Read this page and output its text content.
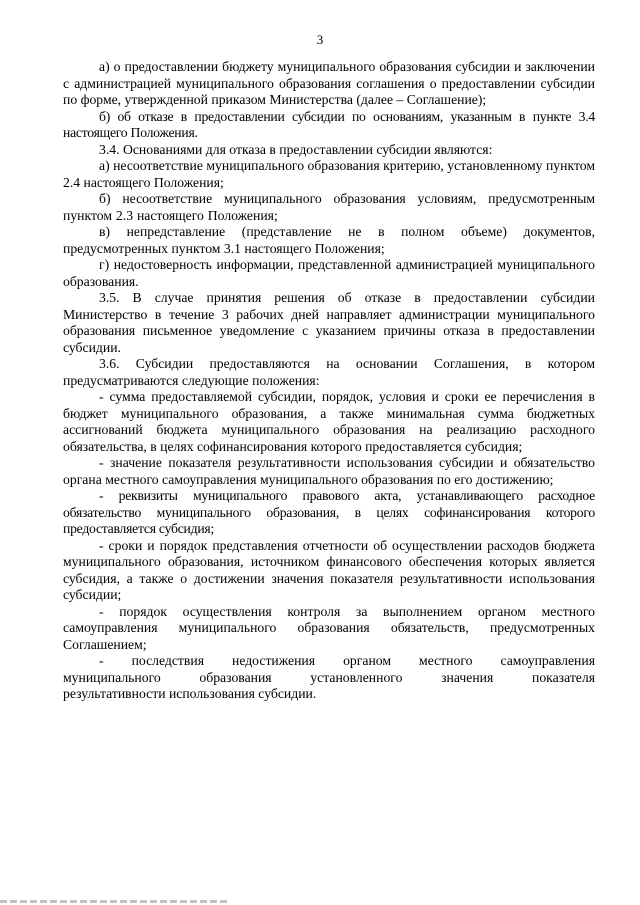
3

а) о предоставлении бюджету муниципального образования субсидии и заключении с администрацией муниципального образования соглашения о предоставлении субсидии по форме, утвержденной приказом Министерства (далее – Соглашение);

б) об отказе в предоставлении субсидии по основаниям, указанным в пункте 3.4 настоящего Положения.

3.4. Основаниями для отказа в предоставлении субсидии являются:

а) несоответствие муниципального образования критерию, установленному пунктом 2.4 настоящего Положения;

б) несоответствие муниципального образования условиям, предусмотренным пунктом 2.3 настоящего Положения;

в) непредставление (представление не в полном объеме) документов, предусмотренных пунктом 3.1 настоящего Положения;

г) недостоверность информации, представленной администрацией муниципального образования.

3.5. В случае принятия решения об отказе в предоставлении субсидии Министерство в течение 3 рабочих дней направляет администрации муниципального образования письменное уведомление с указанием причины отказа в предоставлении субсидии.

3.6. Субсидии предоставляются на основании Соглашения, в котором предусматриваются следующие положения:

- сумма предоставляемой субсидии, порядок, условия и сроки ее перечисления в бюджет муниципального образования, а также минимальная сумма бюджетных ассигнований бюджета муниципального образования на реализацию расходного обязательства, в целях софинансирования которого предоставляется субсидия;

- значение показателя результативности использования субсидии и обязательство органа местного самоуправления муниципального образования по его достижению;

- реквизиты муниципального правового акта, устанавливающего расходное обязательство муниципального образования, в целях софинансирования которого предоставляется субсидия;

- сроки и порядок представления отчетности об осуществлении расходов бюджета муниципального образования, источником финансового обеспечения которых является субсидия, а также о достижении значения показателя результативности использования субсидии;

- порядок осуществления контроля за выполнением органом местного самоуправления муниципального образования обязательств, предусмотренных Соглашением;

- последствия недостижения органом местного самоуправления
муниципального образования установленного значения показателя
результативности использования субсидии.
